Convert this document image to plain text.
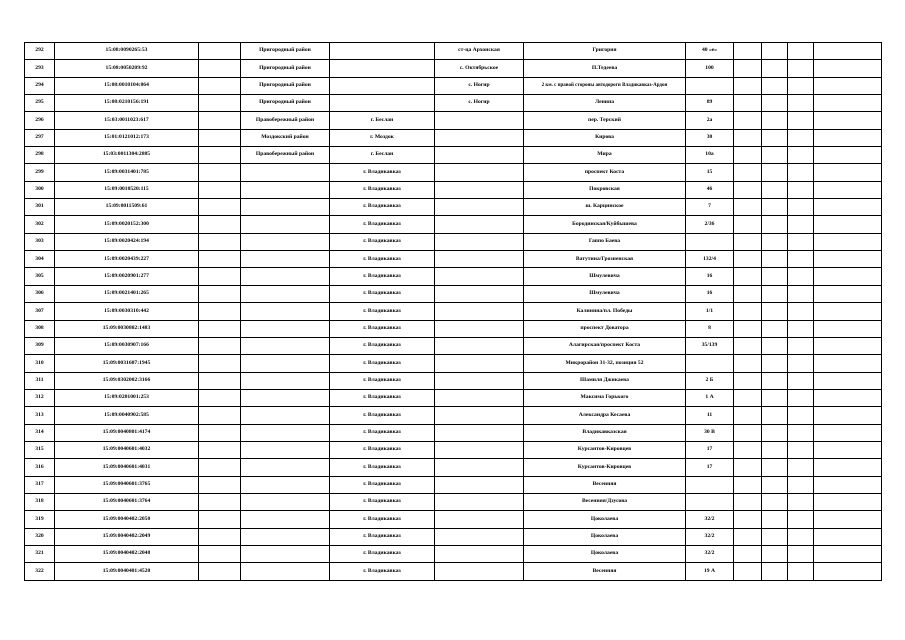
292	15:08:0090265:53		Пригородный район		ст-ца Архонская	Григория	40 «е»				
293	15:08:0050209:92		Пригородный район		с. Октябрьское	П.Тедеева	100				
294	15:08:0010104:864		Пригородный район		с. Ногир	2 км. с правой стороны автодороги Владикавказ-Ардон					
295	15:08:0210156:191		Пригородный район		с. Ногир	Ленина	89				
296	15:03:0011023:617		Правобережный район	г. Беслан		пер. Терский	2а				
297	15:01:0121012:173		Моздокский район	г. Моздок		Кирова	30				
298	15:03:0011304:2885		Правобережный район	г. Беслан		Мира	10а				
299	15:09:0031401:785			г. Владикавказ		проспект Коста	15				
300	15:09:0010520:115			г. Владикавказ		Покровская	46				
301	15:09:0011509:61			г. Владикавказ		ш. Карцинское	7				
302	15:09:0020152:300			г. Владикавказ		Бородинская/Куйбышева	2/36				
303	15:09:0020424:194			г. Владикавказ		Гаппо Баева					
304	15:09:0020439:227			г. Владикавказ		Ватутина/Грозненская	132/4				
305	15:09:0020901:277			г. Владикавказ		Шмулевича	16				
306	15:09:0021401:265			г. Владикавказ		Шмулевича	16				
307	15:09:0030310:442			г. Владикавказ		Калинина/пл. Победы	1/1				
308	15:09:0030802:1483			г. Владикавказ		проспект Доватора	8				
309	15:09:0030907:166			г. Владикавказ		Алагирская/проспект Коста	35/139				
310	15:09:0031607:1945			г. Владикавказ		Микрорайон 31-32, позиция 52					
311	15:09:0302002:3166			г. Владикавказ		Шамиля Джикаева	2 Б				
312	15:09:0201001:253			г. Владикавказ		Максима Горького	1 А				
313	15:09:0040902:585			г. Владикавказ		Александра Кесаева	11				
314	15:09:0040801:4174			г. Владикавказ		Владикавказская	30 В				
315	15:09:0040601:4032			г. Владикавказ		Курсантов-Кировцев	17				
316	15:09:0040601:4031			г. Владикавказ		Курсантов-Кировцев	17				
317	15:09:0040601:3765			г. Владикавказ		Весенняя					
318	15:09:0040601:3764			г. Владикавказ		Весенняя/Дзусова					
319	15:09:0040402:2050			г. Владикавказ		Цоколаева	32/2				
320	15:09:0040402:2049			г. Владикавказ		Цоколаева	32/2				
321	15:09:0040402:2048			г. Владикавказ		Цоколаева	32/2				
322	15:09:0040401:4520			г. Владикавказ		Весенняя	19 А				
